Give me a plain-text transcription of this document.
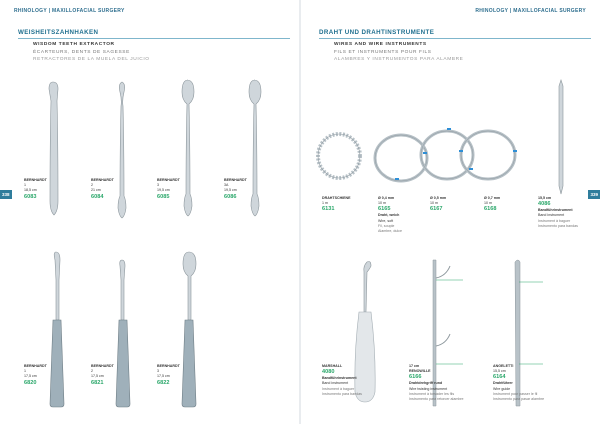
RHINOLOGY | MAXILLOFACIAL SURGERY
WEISHEITSZAHNHAKEN
WISDOM TEETH EXTRACTOR
ÉCARTEURS, DENTS DE SAGESSE
RETRACTORES DE LA MUELA DEL JUICIO
338
BERNHARDT
1
18,5 cm
6083
BERNHARDT
2
21 cm
6084
BERNHARDT
3
19,5 cm
6085
BERNHARDT
3A
19,5 cm
6086
BERNHARDT
1
17,5 cm
6820
BERNHARDT
2
17,5 cm
6821
BERNHARDT
3
17,5 cm
6822
RHINOLOGY | MAXILLOFACIAL SURGERY
DRAHT UND DRAHTINSTRUMENTE
WIRES AND WIRE INSTRUMENTS
FILS ET INSTRUMENTS POUR FILS
ALAMBRES Y INSTRUMENTOS PARA ALAMBRE
339
DRAHTSCHIENE
1 m
6131
Ø 0,4 mm
10 m
6165
Draht, weich
Wire, soft
Fil, souple
Alambre, dulce
Ø 0,5 mm
10 m
6167
Ø 0,7 mm
10 m
6168
15,5 cm
4086
Bandführinstrument
Band instrument
Instrument à baguer
Instrumento para bandas
MARSHALL
4080
Bandführinstrument
Band instrument
Instrument à baguer
Instrumento para bandas
17 cm
RENOWILLE
6166
Drahtdrehgriff rund
Wire twisting instrument
Instrument à torsader les fils
Instrumento para retorcer alambre
ANGELETTI
15,5 cm
6164
Drahtführer
Wire guide
Instrument pour passer le fil
Instrumento para pasar alambre
